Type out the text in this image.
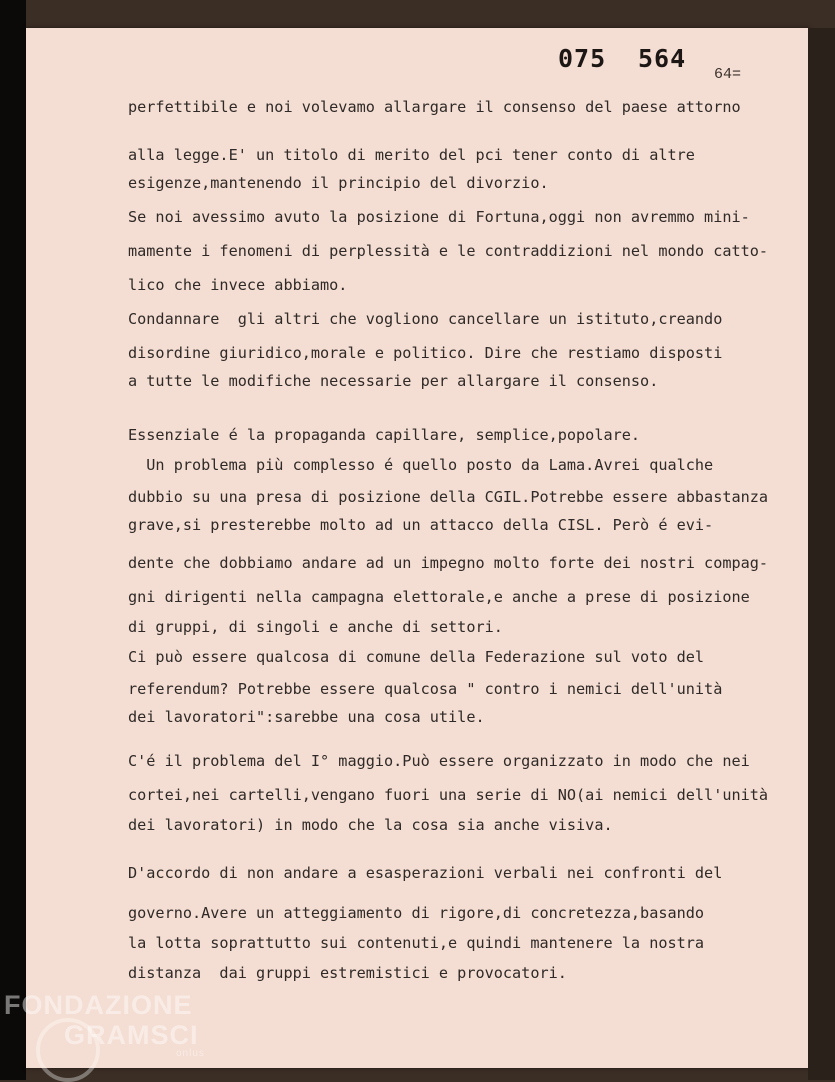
075 564
64=
perfettibile e noi volevamo allargare il consenso del paese attorno
alla legge.E' un titolo di merito del pci tener conto di altre
esigenze,mantenendo il principio del divorzio.
Se noi avessimo avuto la posizione di Fortuna,oggi non avremmo mini-
mamente i fenomeni di perplessità e le contraddizioni nel mondo catto-
lico che invece abbiamo.
Condannare  gli altri che vogliono cancellare un istituto,creando
disordine giuridico,morale e politico. Dire che restiamo disposti
a tutte le modifiche necessarie per allargare il consenso.
Essenziale é la propaganda capillare, semplice,popolare.
Un problema più complesso é quello posto da Lama.Avrei qualche
dubbio su una presa di posizione della CGIL.Potrebbe essere abbastanza
grave,si presterebbe molto ad un attacco della CISL. Però é evi-
dente che dobbiamo andare ad un impegno molto forte dei nostri compag-
gni dirigenti nella campagna elettorale,e anche a prese di posizione
di gruppi, di singoli e anche di settori.
Ci può essere qualcosa di comune della Federazione sul voto del
referendum? Potrebbe essere qualcosa " contro i nemici dell'unità
dei lavoratori":sarebbe una cosa utile.
C'é il problema del I° maggio.Può essere organizzato in modo che nei
cortei,nei cartelli,vengano fuori una serie di NO(ai nemici dell'unità
dei lavoratori) in modo che la cosa sia anche visiva.
D'accordo di non andare a esasperazioni verbali nei confronti del
governo.Avere un atteggiamento di rigore,di concretezza,basando
la lotta soprattutto sui contenuti,e quindi mantenere la nostra
distanza  dai gruppi estremistici e provocatori.
FONDAZIONE
GRAMSCI
onlus
